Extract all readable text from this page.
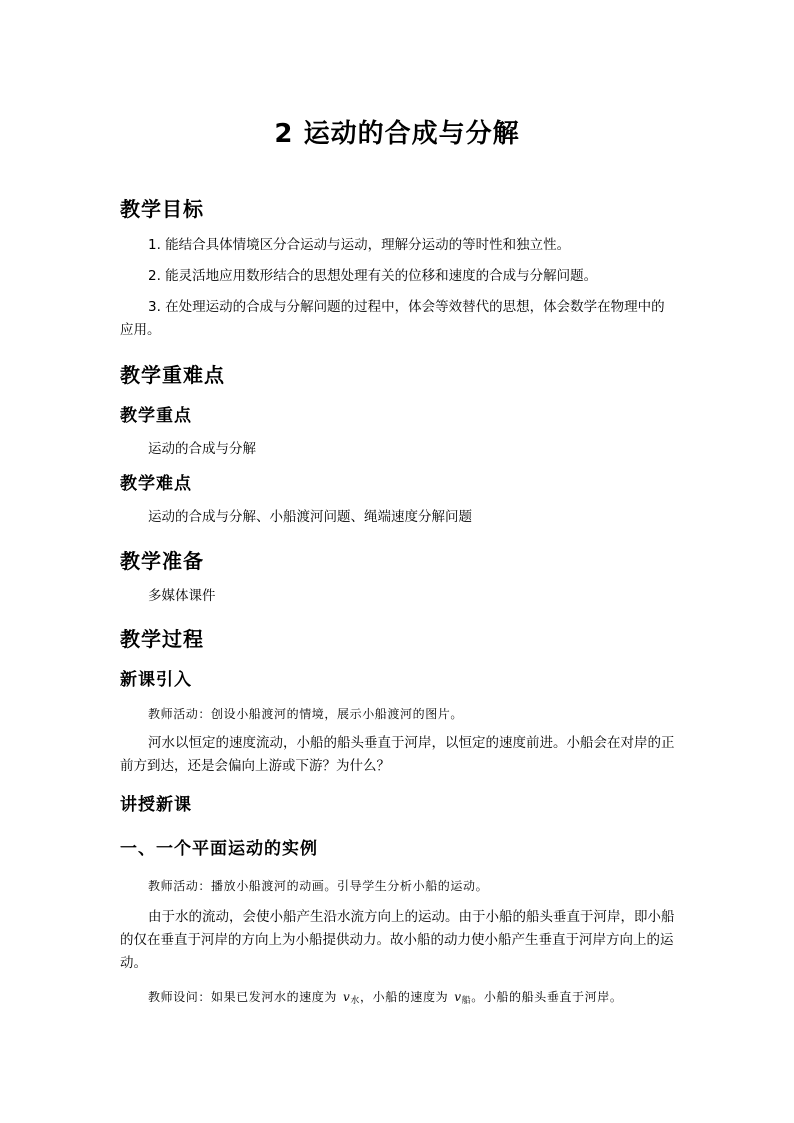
2 运动的合成与分解
教学目标
1. 能结合具体情境区分合运动与运动，理解分运动的等时性和独立性。
2. 能灵活地应用数形结合的思想处理有关的位移和速度的合成与分解问题。
3. 在处理运动的合成与分解问题的过程中，体会等效替代的思想，体会数学在物理中的应用。
教学重难点
教学重点
运动的合成与分解
教学难点
运动的合成与分解、小船渡河问题、绳端速度分解问题
教学准备
多媒体课件
教学过程
新课引入
教师活动：创设小船渡河的情境，展示小船渡河的图片。
河水以恒定的速度流动，小船的船头垂直于河岸，以恒定的速度前进。小船会在对岸的正前方到达，还是会偏向上游或下游？为什么？
讲授新课
一、一个平面运动的实例
教师活动：播放小船渡河的动画。引导学生分析小船的运动。
由于水的流动，会使小船产生沿水流方向上的运动。由于小船的船头垂直于河岸，即小船的仅在垂直于河岸的方向上为小船提供动力。故小船的动力使小船产生垂直于河岸方向上的运动。
教师设问：如果已发河水的速度为 $v_水$，小船的速度为 $v_船$。小船的船头垂直于河岸。
